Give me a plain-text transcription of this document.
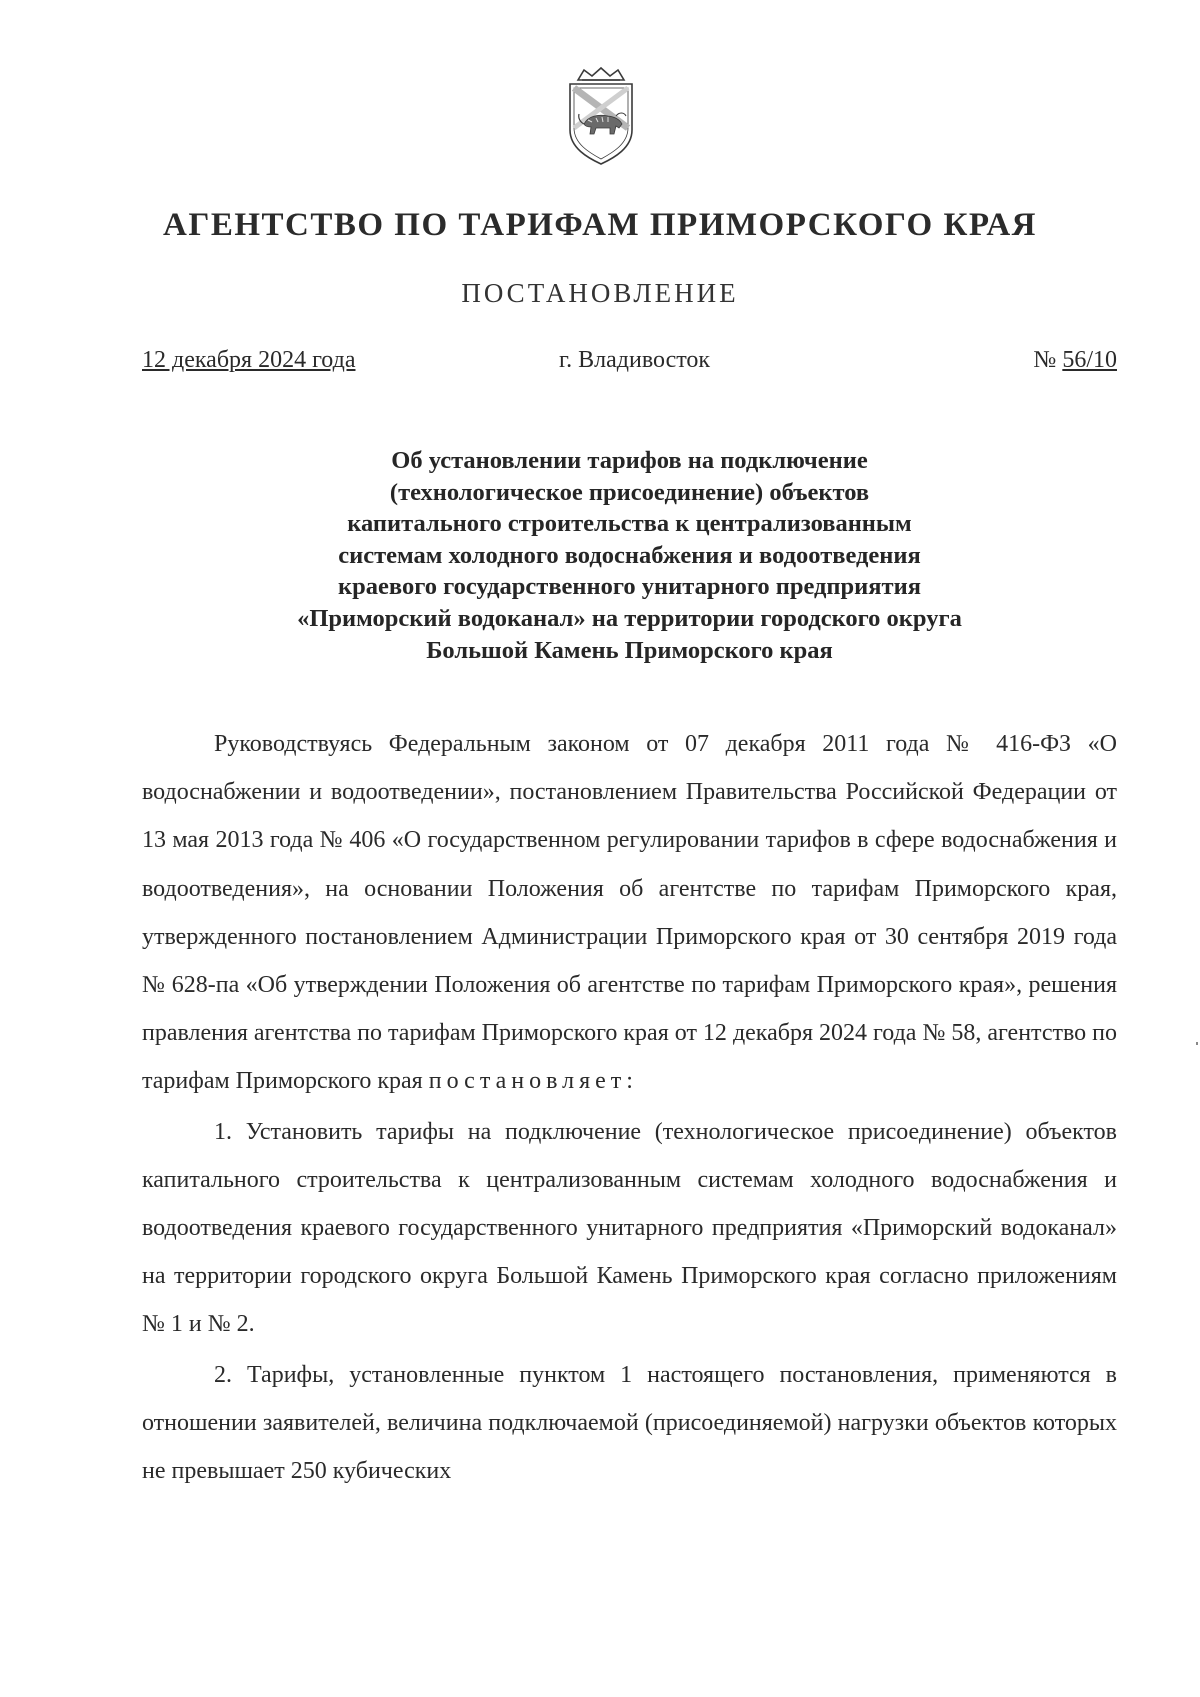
АГЕНТСТВО ПО ТАРИФАМ ПРИМОРСКОГО КРАЯ
ПОСТАНОВЛЕНИЕ
12 декабря 2024 года	г. Владивосток	№ 56/10
Об установлении тарифов на подключение
(технологическое присоединение) объектов
капитального строительства к централизованным
системам холодного водоснабжения и водоотведения
краевого государственного унитарного предприятия
«Приморский водоканал» на территории городского округа
Большой Камень Приморского края

Руководствуясь Федеральным законом от 07 декабря 2011 года № 416-ФЗ «О водоснабжении и водоотведении», постановлением Правительства Российской Федерации от 13 мая 2013 года № 406 «О государственном регулировании тарифов в сфере водоснабжения и водоотведения», на основании Положения об агентстве по тарифам Приморского края, утвержденного постановлением Администрации Приморского края от 30 сентября 2019 года № 628-па «Об утверждении Положения об агентстве по тарифам Приморского края», решения правления агентства по тарифам Приморского края от 12 декабря 2024 года № 58, агентство по тарифам Приморского края постановляет:

1. Установить тарифы на подключение (технологическое присоединение) объектов капитального строительства к централизованным системам холодного водоснабжения и водоотведения краевого государственного унитарного предприятия «Приморский водоканал» на территории городского округа Большой Камень Приморского края согласно приложениям № 1 и № 2.

2. Тарифы, установленные пунктом 1 настоящего постановления, применяются в отношении заявителей, величина подключаемой (присоединяемой) нагрузки объектов которых не превышает 250 кубических
